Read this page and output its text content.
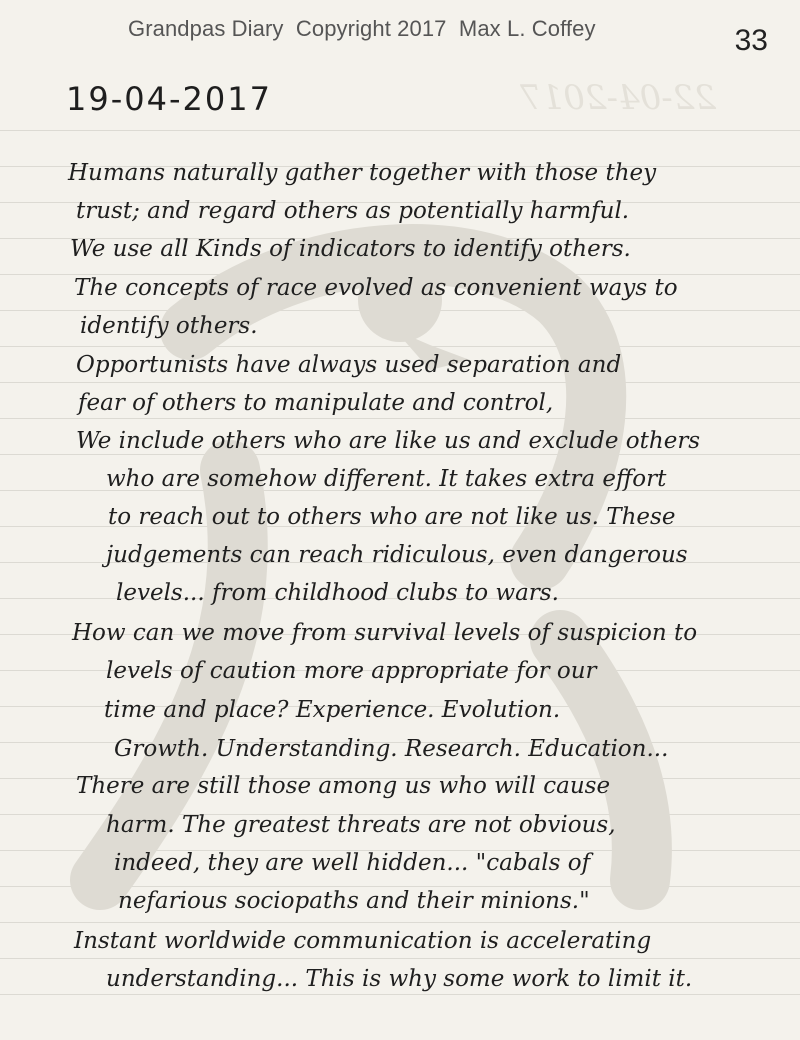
22-04-2017
Grandpas Diary  Copyright 2017  Max L. Coffey	33
19-04-2017
Humans naturally gather together with those they
trust; and regard others as potentially harmful.
We use all Kinds of indicators to identify others.
The concepts of race evolved as convenient ways to
identify others.
Opportunists have always used separation and
fear of others to manipulate and control,
We include others who are like us and exclude others
who are somehow different. It takes extra effort
to reach out to others who are not like us. These
judgements can reach ridiculous, even dangerous
levels... from childhood clubs to wars.
How can we move from survival levels of suspicion to
levels of caution more appropriate for our
time and place? Experience. Evolution.
Growth. Understanding. Research. Education...
There are still those among us who will cause
harm. The greatest threats are not obvious,
indeed, they are well hidden... "cabals of
nefarious sociopaths and their minions."
Instant worldwide communication is accelerating
understanding... This is why some work to limit it.
